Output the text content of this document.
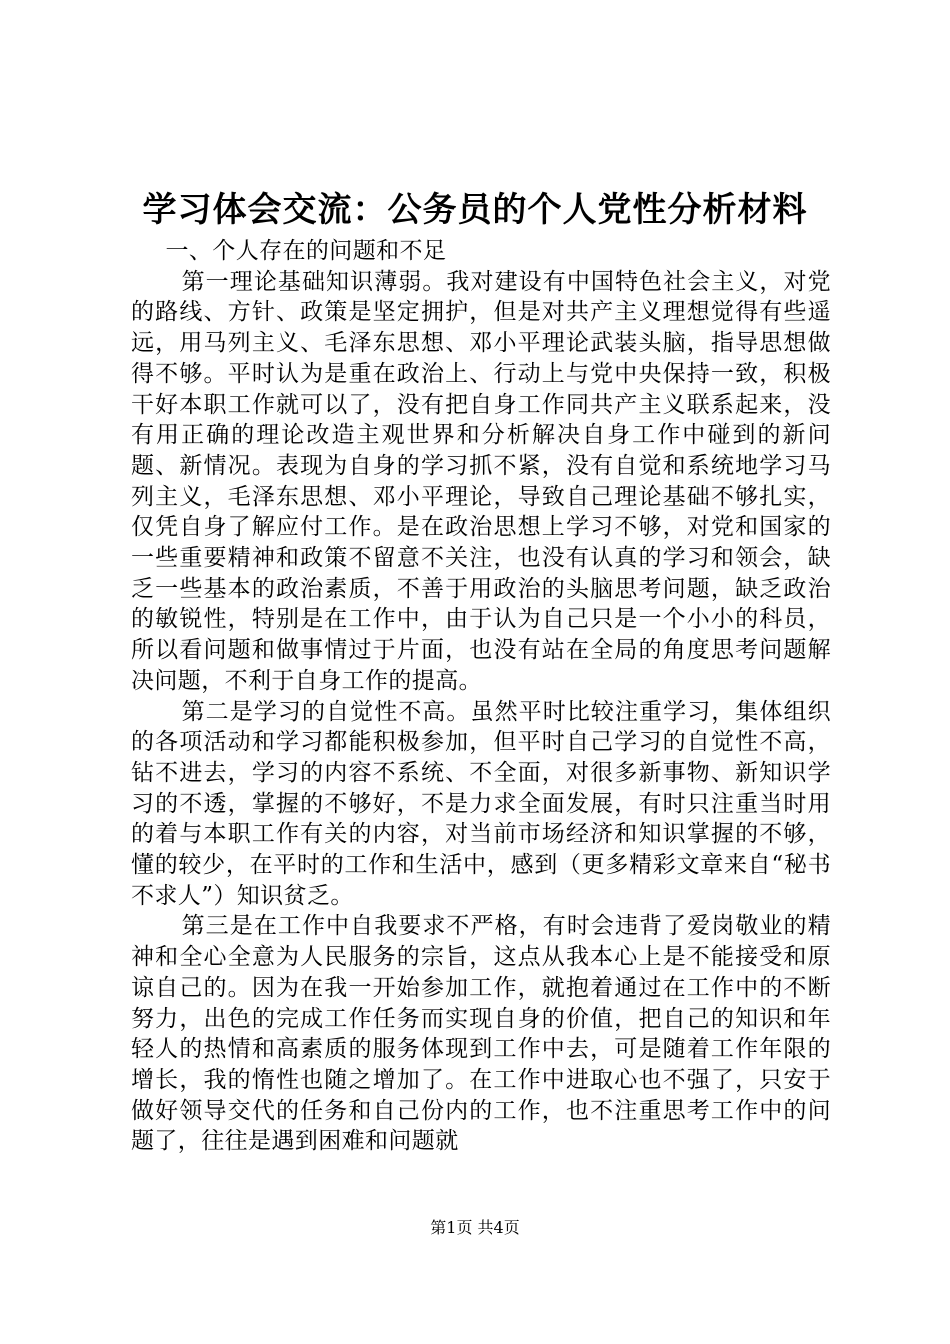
学习体会交流：公务员的个人党性分析材料

一、个人存在的问题和不足

第一理论基础知识薄弱。我对建设有中国特色社会主义，对党的路线、方针、政策是坚定拥护，但是对共产主义理想觉得有些遥远，用马列主义、毛泽东思想、邓小平理论武装头脑，指导思想做得不够。平时认为是重在政治上、行动上与党中央保持一致，积极干好本职工作就可以了，没有把自身工作同共产主义联系起来，没有用正确的理论改造主观世界和分析解决自身工作中碰到的新问题、新情况。表现为自身的学习抓不紧，没有自觉和系统地学习马列主义，毛泽东思想、邓小平理论，导致自己理论基础不够扎实，仅凭自身了解应付工作。是在政治思想上学习不够，对党和国家的一些重要精神和政策不留意不关注，也没有认真的学习和领会，缺乏一些基本的政治素质，不善于用政治的头脑思考问题，缺乏政治的敏锐性，特别是在工作中，由于认为自己只是一个小小的科员，所以看问题和做事情过于片面，也没有站在全局的角度思考问题解决问题，不利于自身工作的提高。

第二是学习的自觉性不高。虽然平时比较注重学习，集体组织的各项活动和学习都能积极参加，但平时自己学习的自觉性不高，钻不进去，学习的内容不系统、不全面，对很多新事物、新知识学习的不透，掌握的不够好，不是力求全面发展，有时只注重当时用的着与本职工作有关的内容，对当前市场经济和知识掌握的不够，懂的较少，在平时的工作和生活中，感到（更多精彩文章来自“秘书不求人”）知识贫乏。

第三是在工作中自我要求不严格，有时会违背了爱岗敬业的精神和全心全意为人民服务的宗旨，这点从我本心上是不能接受和原谅自己的。因为在我一开始参加工作，就抱着通过在工作中的不断努力，出色的完成工作任务而实现自身的价值，把自己的知识和年轻人的热情和高素质的服务体现到工作中去，可是随着工作年限的增长，我的惰性也随之增加了。在工作中进取心也不强了，只安于做好领导交代的任务和自己份内的工作，也不注重思考工作中的问题了，往往是遇到困难和问题就

第1页 共4页
